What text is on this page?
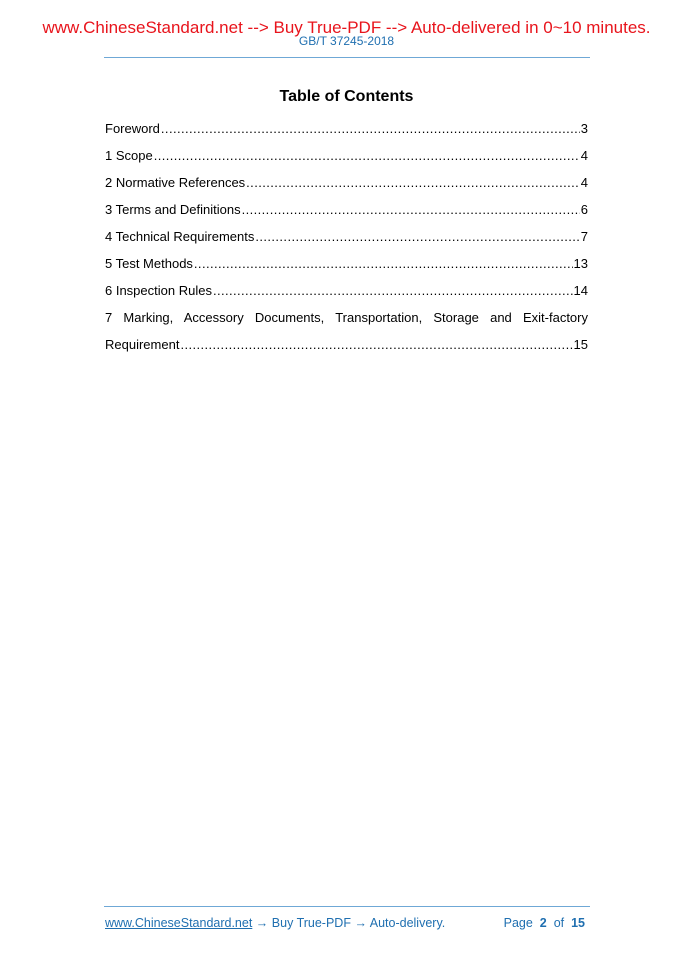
www.ChineseStandard.net --> Buy True-PDF --> Auto-delivered in 0~10 minutes.
GB/T 37245-2018
Table of Contents
Foreword .....	3
1 Scope .....	4
2 Normative References .....	4
3 Terms and Definitions .....	6
4 Technical Requirements .....	7
5 Test Methods .....	13
6 Inspection Rules .....	14
7 Marking, Accessory Documents, Transportation, Storage and Exit-factory
Requirement .....	15
www.ChineseStandard.net → Buy True-PDF → Auto-delivery.	Page 2 of 15
